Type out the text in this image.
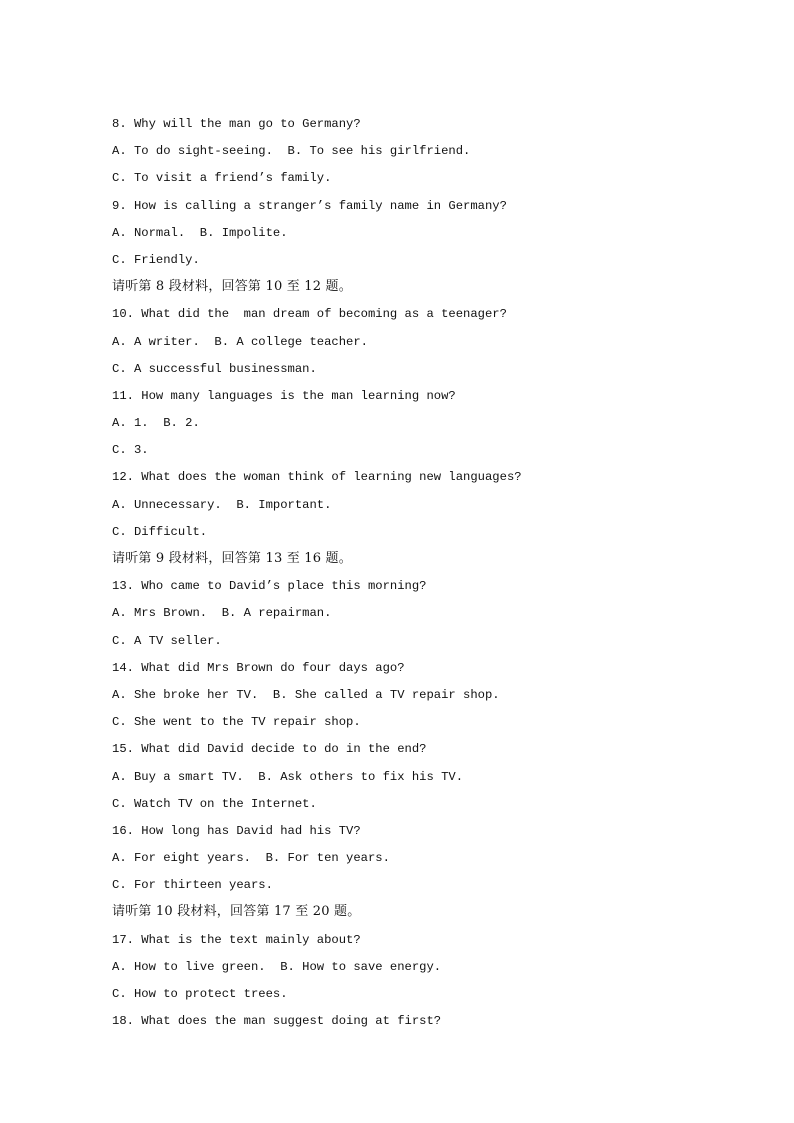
8. Why will the man go to Germany?
A. To do sight-seeing.  B. To see his girlfriend.
C. To visit a friend’s family.
9. How is calling a stranger’s family name in Germany?
A. Normal.  B. Impolite.
C. Friendly.
请听第 8 段材料，回答第 10 至 12 题。
10. What did the  man dream of becoming as a teenager?
A. A writer.  B. A college teacher.
C. A successful businessman.
11. How many languages is the man learning now?
A. 1.  B. 2.
C. 3.
12. What does the woman think of learning new languages?
A. Unnecessary.  B. Important.
C. Difficult.
请听第 9 段材料，回答第 13 至 16 题。
13. Who came to David’s place this morning?
A. Mrs Brown.  B. A repairman.
C. A TV seller.
14. What did Mrs Brown do four days ago?
A. She broke her TV.  B. She called a TV repair shop.
C. She went to the TV repair shop.
15. What did David decide to do in the end?
A. Buy a smart TV.  B. Ask others to fix his TV.
C. Watch TV on the Internet.
16. How long has David had his TV?
A. For eight years.  B. For ten years.
C. For thirteen years.
请听第 10 段材料，回答第 17 至 20 题。
17. What is the text mainly about?
A. How to live green.  B. How to save energy.
C. How to protect trees.
18. What does the man suggest doing at first?
